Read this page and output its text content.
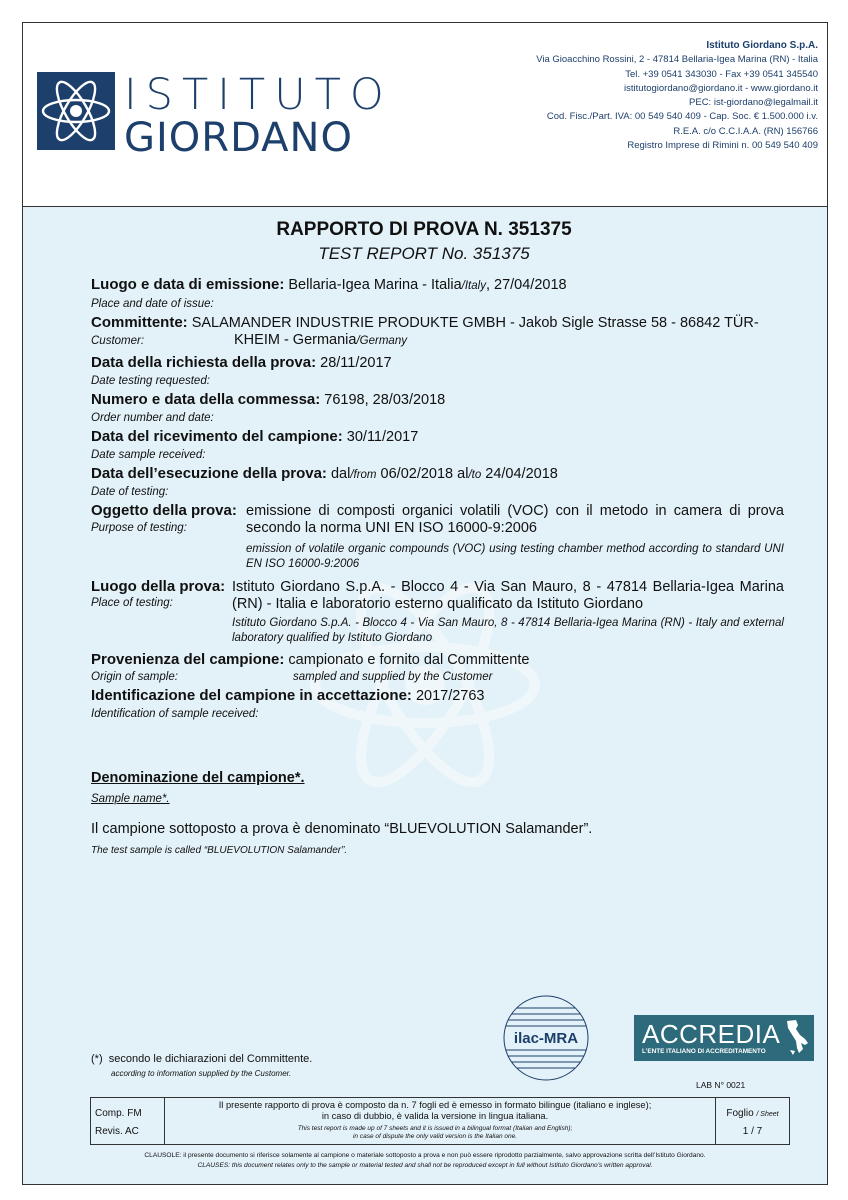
ISTITUTO
GIORDANO
Istituto Giordano S.p.A.
Via Gioacchino Rossini, 2 - 47814 Bellaria-Igea Marina (RN) - Italia
Tel. +39 0541 343030 - Fax +39 0541 345540
istitutogiordano@giordano.it - www.giordano.it
PEC: ist-giordano@legalmail.it
Cod. Fisc./Part. IVA: 00 549 540 409 - Cap. Soc. € 1.500.000 i.v.
R.E.A. c/o C.C.I.A.A. (RN) 156766
Registro Imprese di Rimini n. 00 549 540 409
RAPPORTO DI PROVA N. 351375
TEST REPORT No. 351375
Luogo e data di emissione: Bellaria-Igea Marina - Italia/Italy, 27/04/2018
Place and date of issue:
Committente: SALAMANDER INDUSTRIE PRODUKTE GMBH - Jakob Sigle Strasse 58 - 86842 TÜR-
Customer:	KHEIM - Germania/Germany
Data della richiesta della prova: 28/11/2017
Date testing requested:
Numero e data della commessa: 76198, 28/03/2018
Order number and date:
Data del ricevimento del campione: 30/11/2017
Date sample received:
Data dell’esecuzione della prova: dal/from 06/02/2018 al/to 24/04/2018
Date of testing:
Oggetto della prova: emissione di composti organici volatili (VOC) con il metodo in camera di prova secondo la norma UNI EN ISO 16000-9:2006
Purpose of testing:
emission of volatile organic compounds (VOC) using testing chamber method according to standard UNI EN ISO 16000-9:2006
Luogo della prova: Istituto Giordano S.p.A. - Blocco 4 - Via San Mauro, 8 - 47814 Bellaria-Igea Marina (RN) - Italia e laboratorio esterno qualificato da Istituto Giordano
Place of testing:
Istituto Giordano S.p.A. - Blocco 4 - Via San Mauro, 8 - 47814 Bellaria-Igea Marina (RN) - Italy and external laboratory qualified by Istituto Giordano
Provenienza del campione: campionato e fornito dal Committente
Origin of sample:	sampled and supplied by the Customer
Identificazione del campione in accettazione: 2017/2763
Identification of sample received:
Denominazione del campione*.
Sample name*.
Il campione sottoposto a prova è denominato “BLUEVOLUTION Salamander”.
The test sample is called “BLUEVOLUTION Salamander”.
ilac-MRA ACCREDIA
L’ENTE ITALIANO DI ACCREDITAMENTO
(*) secondo le dichiarazioni del Committente.
according to information supplied by the Customer.
LAB N° 0021
Comp. FM
Revis. AC
Foglio / Sheet
1 / 7
Il presente rapporto di prova è composto da n. 7 fogli ed è emesso in formato bilingue (italiano e inglese);
in caso di dubbio, è valida la versione in lingua italiana.
This test report is made up of 7 sheets and it is issued in a bilingual format (Italian and English);
in case of dispute the only valid version is the Italian one.
CLAUSOLE: il presente documento si riferisce solamente al campione o materiale sottoposto a prova e non può essere riprodotto parzialmente, salvo approvazione scritta dell’Istituto Giordano.
CLAUSES: this document relates only to the sample or material tested and shall not be reproduced except in full without Istituto Giordano’s written approval.
